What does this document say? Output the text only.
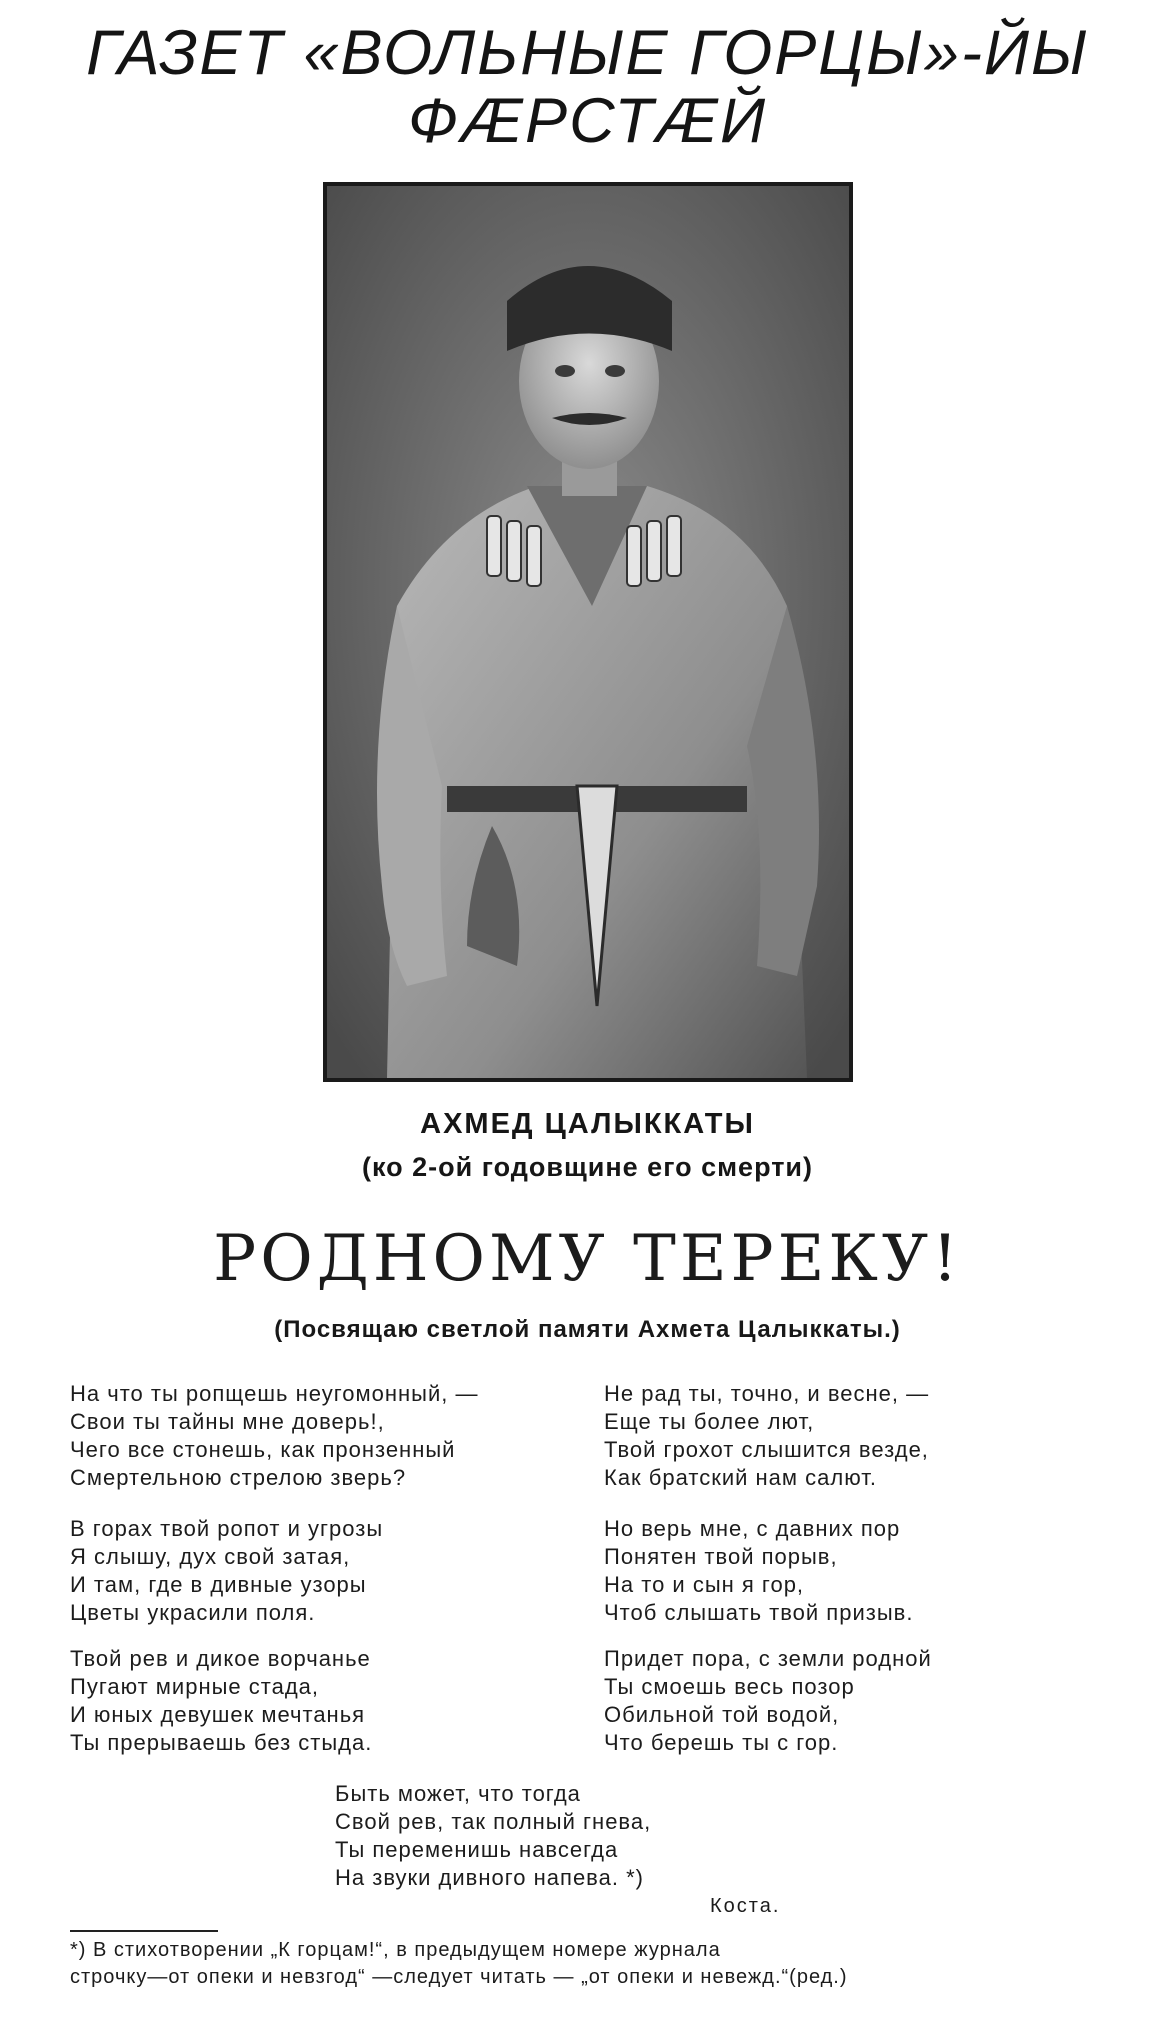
ГАЗЕТ «ВОЛЬНЫЕ ГОРЦЫ»-ЙЫ
ФÆРСТÆЙ
АХМЕД ЦАЛЫККАТЫ
(ко 2-ой годовщине его смерти)
РОДНОМУ ТЕРЕКУ!
(Посвящаю светлой памяти Ахмета Цалыккаты.)
На что ты ропщешь неугомонный, —
Свои ты тайны мне доверь!,
Чего все стонешь, как пронзенный
Смертельною стрелою зверь?
Не рад ты, точно, и весне, —
Еще ты более лют,
Твой грохот слышится везде,
Как братский нам салют.
В горах твой ропот и угрозы
Я слышу, дух свой затая,
И там, где в дивные узоры
Цветы украсили поля.
Но верь мне, с давних пор
Понятен твой порыв,
На то и сын я гор,
Чтоб слышать твой призыв.
Твой рев и дикое ворчанье
Пугают мирные стада,
И юных девушек мечтанья
Ты прерываешь без стыда.
Придет пора, с земли родной
Ты смоешь весь позор
Обильной той водой,
Что берешь ты с гор.
Быть может, что тогда
Свой рев, так полный гнева,
Ты переменишь навсегда
На звуки дивного напева. *)
Коста.
*) В стихотворении „К горцам!“, в предыдущем номере журнала
строчку—от опеки и невзгод“ —следует читать — „от опеки и невежд.“(ред.)
